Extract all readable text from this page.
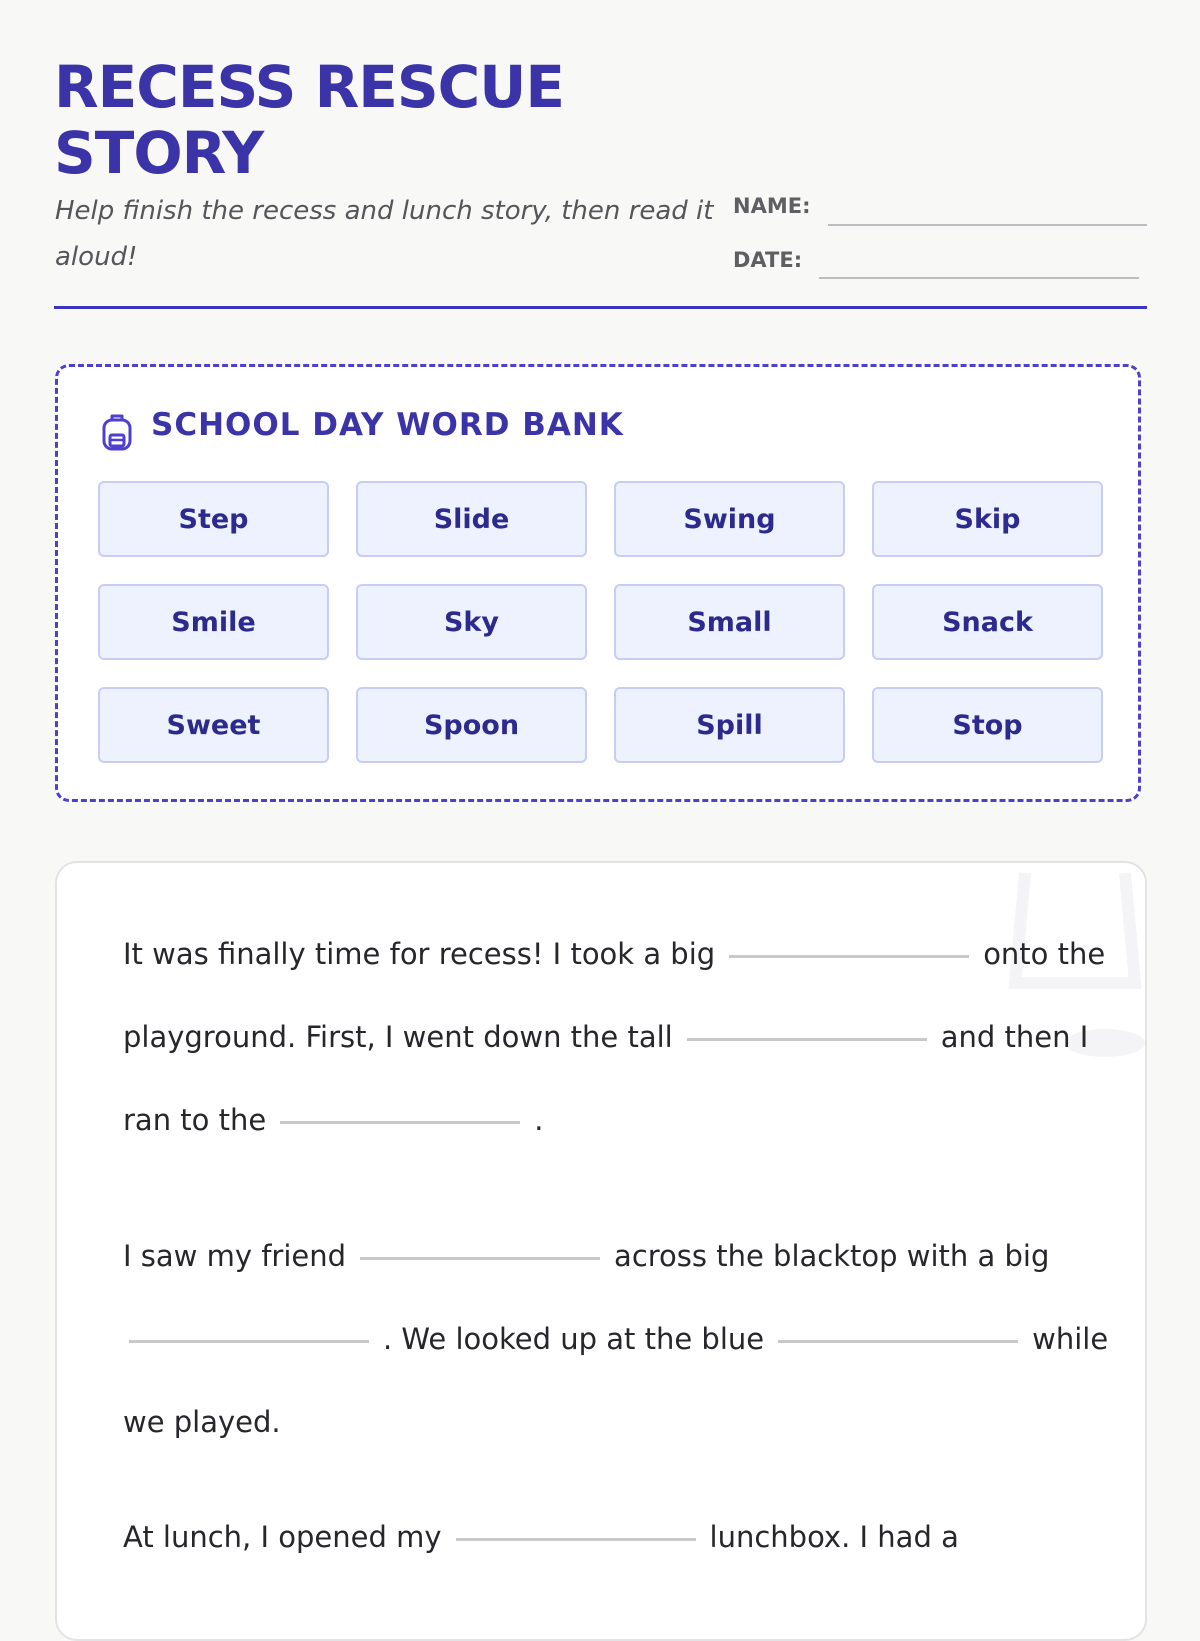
RECESS RESCUE
STORY
Help finish the recess and lunch story, then read it aloud!
NAME:
DATE:
SCHOOL DAY WORD BANK
Step	Slide	Swing	Skip
Smile	Sky	Small	Snack
Sweet	Spoon	Spill	Stop
It was finally time for recess! I took a big	onto the playground. First, I went down the tall	and then I ran to the	.
I saw my friend	across the blacktop with a big. We looked up at the blue	while we played.
At lunch, I opened my	lunchbox. I had a
